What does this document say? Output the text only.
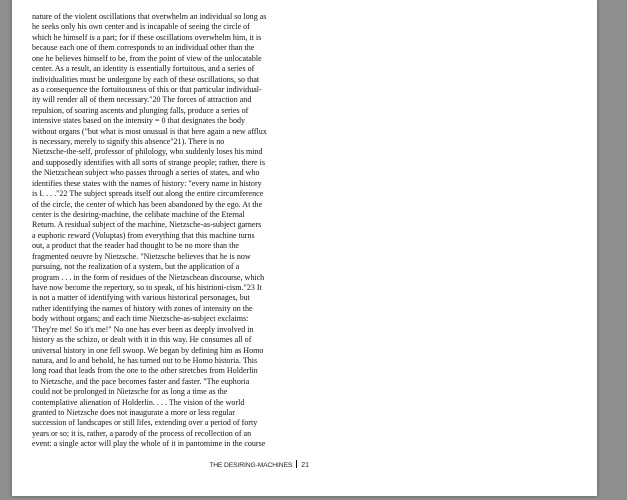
nature of the violent oscillations that overwhelm an individual so long as
he seeks only his own center and is incapable of seeing the circle of
which he himself is a part; for if these oscillations overwhelm him, it is
because each one of them corresponds to an individual other than the
one he believes himself to be, from the point of view of the unlocatable
center. As a result, an identity is essentially fortuitous, and a series of
individualities must be undergone by each of these oscillations, so that
as a consequence the fortuitousness of this or that particular individual-
ity will render all of them necessary."20 The forces of attraction and
repulsion, of soaring ascents and plunging falls, produce a series of
intensive states based on the intensity = 0 that designates the body
without organs ("but what is most unusual is that here again a new afflux
is necessary, merely to signify this absence"21). There is no
Nietzsche-the-self, professor of philology, who suddenly loses his mind
and supposedly identifies with all sorts of strange people; rather, there is
the Nietzschean subject who passes through a series of states, and who
identifies these states with the names of history: "every name in history
is I. . . ."22 The subject spreads itself out along the entire circumference
of the circle, the center of which has been abandoned by the ego. At the
center is the desiring-machine, the celibate machine of the Eternal
Return. A residual subject of the machine, Nietzsche-as-subject garners
a euphoric reward (Voluptas) from everything that this machine turns
out, a product that the reader had thought to be no more than the
fragmented oeuvre by Nietzsche. "Nietzsche believes that he is now
pursuing, not the realization of a system, but the application of a
program . . . in the form of residues of the Nietzschean discourse, which
have now become the repertory, so to speak, of his histrioni-cism."23 It
is not a matter of identifying with various historical personages, but
rather identifying the names of history with zones of intensity on the
body without organs; and each time Nietzsche-as-subject exclaims:
'They're me! So it's me!" No one has ever been as deeply involved in
history as the schizo, or dealt with it in this way. He consumes all of
universal history in one fell swoop. We began by defining him as Homo
natura, and lo and behold, he has turned out to be Homo historia. This
long road that leads from the one to the other stretches from Holderlin
to Nietzsche, and the pace becomes faster and faster. "The euphoria
could not be prolonged in Nietzsche for as long a time as the
contemplative alienation of Holderlin. . . . The vision of the world
granted to Nietzsche does not inaugurate a more or less regular
succession of landscapes or still lifes, extending over a period of forty
years or so; it is, rather, a parody of the process of recollection of an
event: a single actor will play the whole of it in pantomime in the course
THE DESIRING-MACHINES 21
